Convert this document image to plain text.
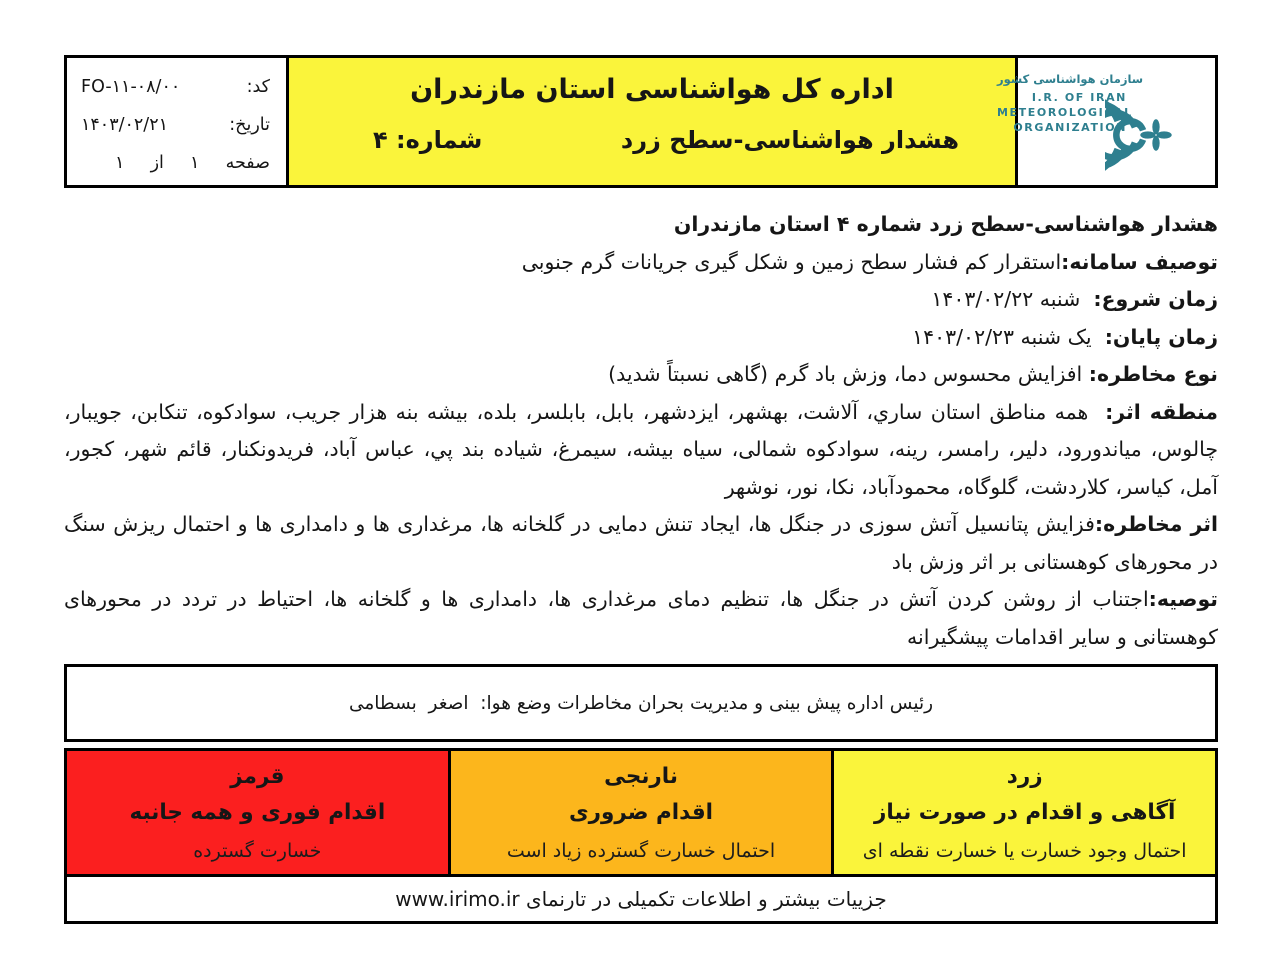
کد:
FO-۱۱-۰۸/۰۰
تاریخ:
۱۴۰۳/۰۲/۲۱
صفحه
۱
از
۱
اداره کل هواشناسی استان مازندران
هشدار هواشناسی-سطح زرد
شماره: ۴
سازمان هواشناسی کشور
I.R. OF IRAN
METEOROLOGICAL
ORGANIZATION

هشدار هواشناسی-سطح زرد شماره ۴ استان مازندران

توصیف سامانه:استقرار کم فشار سطح زمین و شکل گیری جریانات گرم جنوبی

زمان شروع:  شنبه ۱۴۰۳/۰۲/۲۲

زمان پایان:  یک شنبه ۱۴۰۳/۰۲/۲۳

نوع مخاطره: افزایش محسوس دما، وزش باد گرم (گاهی نسبتاً شدید)

منطقه اثر:  همه مناطق استان ساري، آلاشت، بهشهر، ایزدشهر، بابل، بابلسر، بلده، بیشه بنه هزار جریب، سوادکوه، تنکابن، جویبار، چالوس، میاندورود، دلیر، رامسر، رینه، سوادکوه شمالی، سیاه بیشه، سیمرغ، شیاده بند پي، عباس آباد، فریدونکنار، قائم شهر، کجور، آمل، کیاسر، کلاردشت، گلوگاه، محمودآباد، نکا، نور، نوشهر

اثر مخاطره:فزایش پتانسیل آتش سوزی در جنگل ها، ایجاد تنش دمایی در گلخانه ها، مرغداری ها و دامداری ها و احتمال ریزش سنگ در محورهای کوهستانی بر اثر وزش باد

توصیه:اجتناب از روشن کردن آتش در جنگل ها، تنظیم دمای مرغداری ها، دامداری ها و گلخانه ها، احتیاط در تردد در محورهای کوهستانی و سایر اقدامات پیشگیرانه

رئیس اداره پیش بینی و مدیریت بحران مخاطرات وضع هوا:  اصغر  بسطامی
قرمز
اقدام فوری و همه جانبه
خسارت گسترده
نارنجی
اقدام ضروری
احتمال خسارت گسترده زیاد است
زرد
آگاهی و اقدام در صورت نیاز
احتمال وجود خسارت یا خسارت نقطه ای
جزییات بیشتر و اطلاعات تکمیلی در تارنمای www.irimo.ir
